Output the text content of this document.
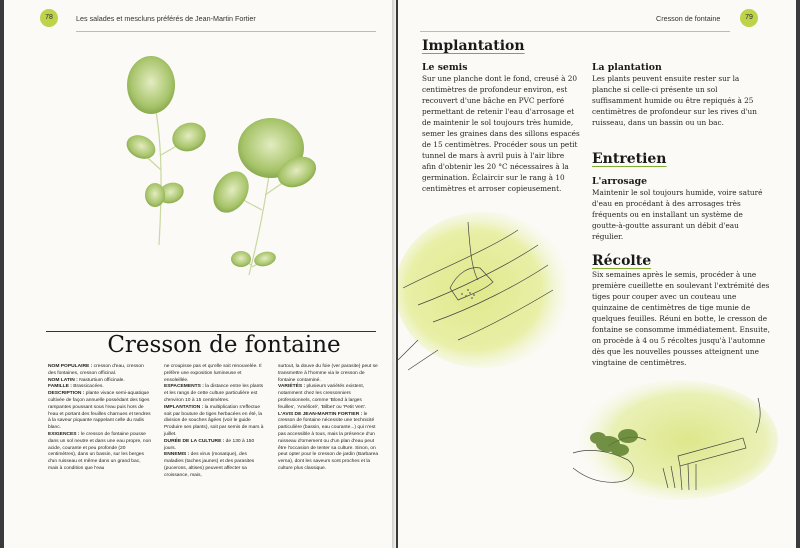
78	Les salades et mescluns préférés de Jean-Martin Fortier
Cresson de fontaine

NOM POPULAIRE : cresson d'eau, cresson des fontaines, cresson officinal.

NOM LATIN : Nasturtium officinale.

FAMILLE : Brassicacées.

DESCRIPTION : plante vivace semi-aquatique cultivée de façon annuelle possédant des tiges rampantes poussant sous l'eau puis hors de l'eau et portant des feuilles charnues et tendres à la saveur piquante rappelant celle du radis blanc.

EXIGENCES : le cresson de fontaine pousse dans un sol neutre et dans une eau propre, non acide, courante et peu profonde (20 centimètres), dans un bassin, sur les berges d'un ruisseau et même dans un grand bac, mais à condition que l'eau

ne croupisse pas et qu'elle soit renouvelée. Il préfère une exposition lumineuse et ensoleillée.

ESPACEMENTS : la distance entre les plants et les rangs de cette culture particulière est d'environ 10 à 15 centimètres.

IMPLANTATION : la multiplication s'effectue soit par bouture de tiges herbacées en été, la division de souches âgées (voir le guide Produire ses plants), soit par semis de mars à juillet.

DURÉE DE LA CULTURE : de 130 à 150 jours.

ENNEMIS : des virus (mosaïque), des maladies (taches jaunes) et des parasites (pucerons, altises) peuvent affecter sa croissance, mais,

surtout, la douve du foie (ver parasite) peut se transmettre à l'homme via le cresson de fontaine contaminé.

VARIÉTÉS : plusieurs variétés existent, notamment chez les cressonniers professionnels, comme 'Blond à larges feuilles', 'Amélioré', 'Bilbet' ou 'Petit Vert'.

L'AVIS DE JEAN-MARTIN FORTIER : le cresson de fontaine nécessite une technicité particulière (bassin, eau courante...) qui n'est pas accessible à tous, mais la présence d'un ruisseau d'ornement ou d'un plan d'eau peut être l'occasion de tenter sa culture. Sinon, on peut opter pour le cresson de jardin (Barbarea verna), dont les saveurs sont proches et la culture plus classique.

Cresson de fontaine	79
Implantation
Le semis

Sur une planche dont le fond, creusé à 20 centimètres de profondeur environ, est recouvert d'une bâche en PVC perforé permettant de retenir l'eau d'arrosage et de maintenir le sol toujours très humide, semer les graines dans des sillons espacés de 15 centimètres. Procéder sous un petit tunnel de mars à avril puis à l'air libre afin d'obtenir les 20 °C nécessaires à la germination. Éclaircir sur le rang à 10 centimètres et arroser copieusement.

La plantation

Les plants peuvent ensuite rester sur la planche si celle-ci présente un sol suffisamment humide ou être repiqués à 25 centimètres de profondeur sur les rives d'un ruisseau, dans un bassin ou un bac.

Entretien
L'arrosage

Maintenir le sol toujours humide, voire saturé d'eau en procédant à des arrosages très fréquents ou en installant un système de goutte-à-goutte assurant un débit d'eau régulier.

Récolte

Six semaines après le semis, procéder à une première cueillette en soulevant l'extrémité des tiges pour couper avec un couteau une quinzaine de centimètres de tige munie de quelques feuilles. Réuni en botte, le cresson de fontaine se consomme immédiatement. Ensuite, on procède à 4 ou 5 récoltes jusqu'à l'automne dès que les nouvelles pousses atteignent une vingtaine de centimètres.
